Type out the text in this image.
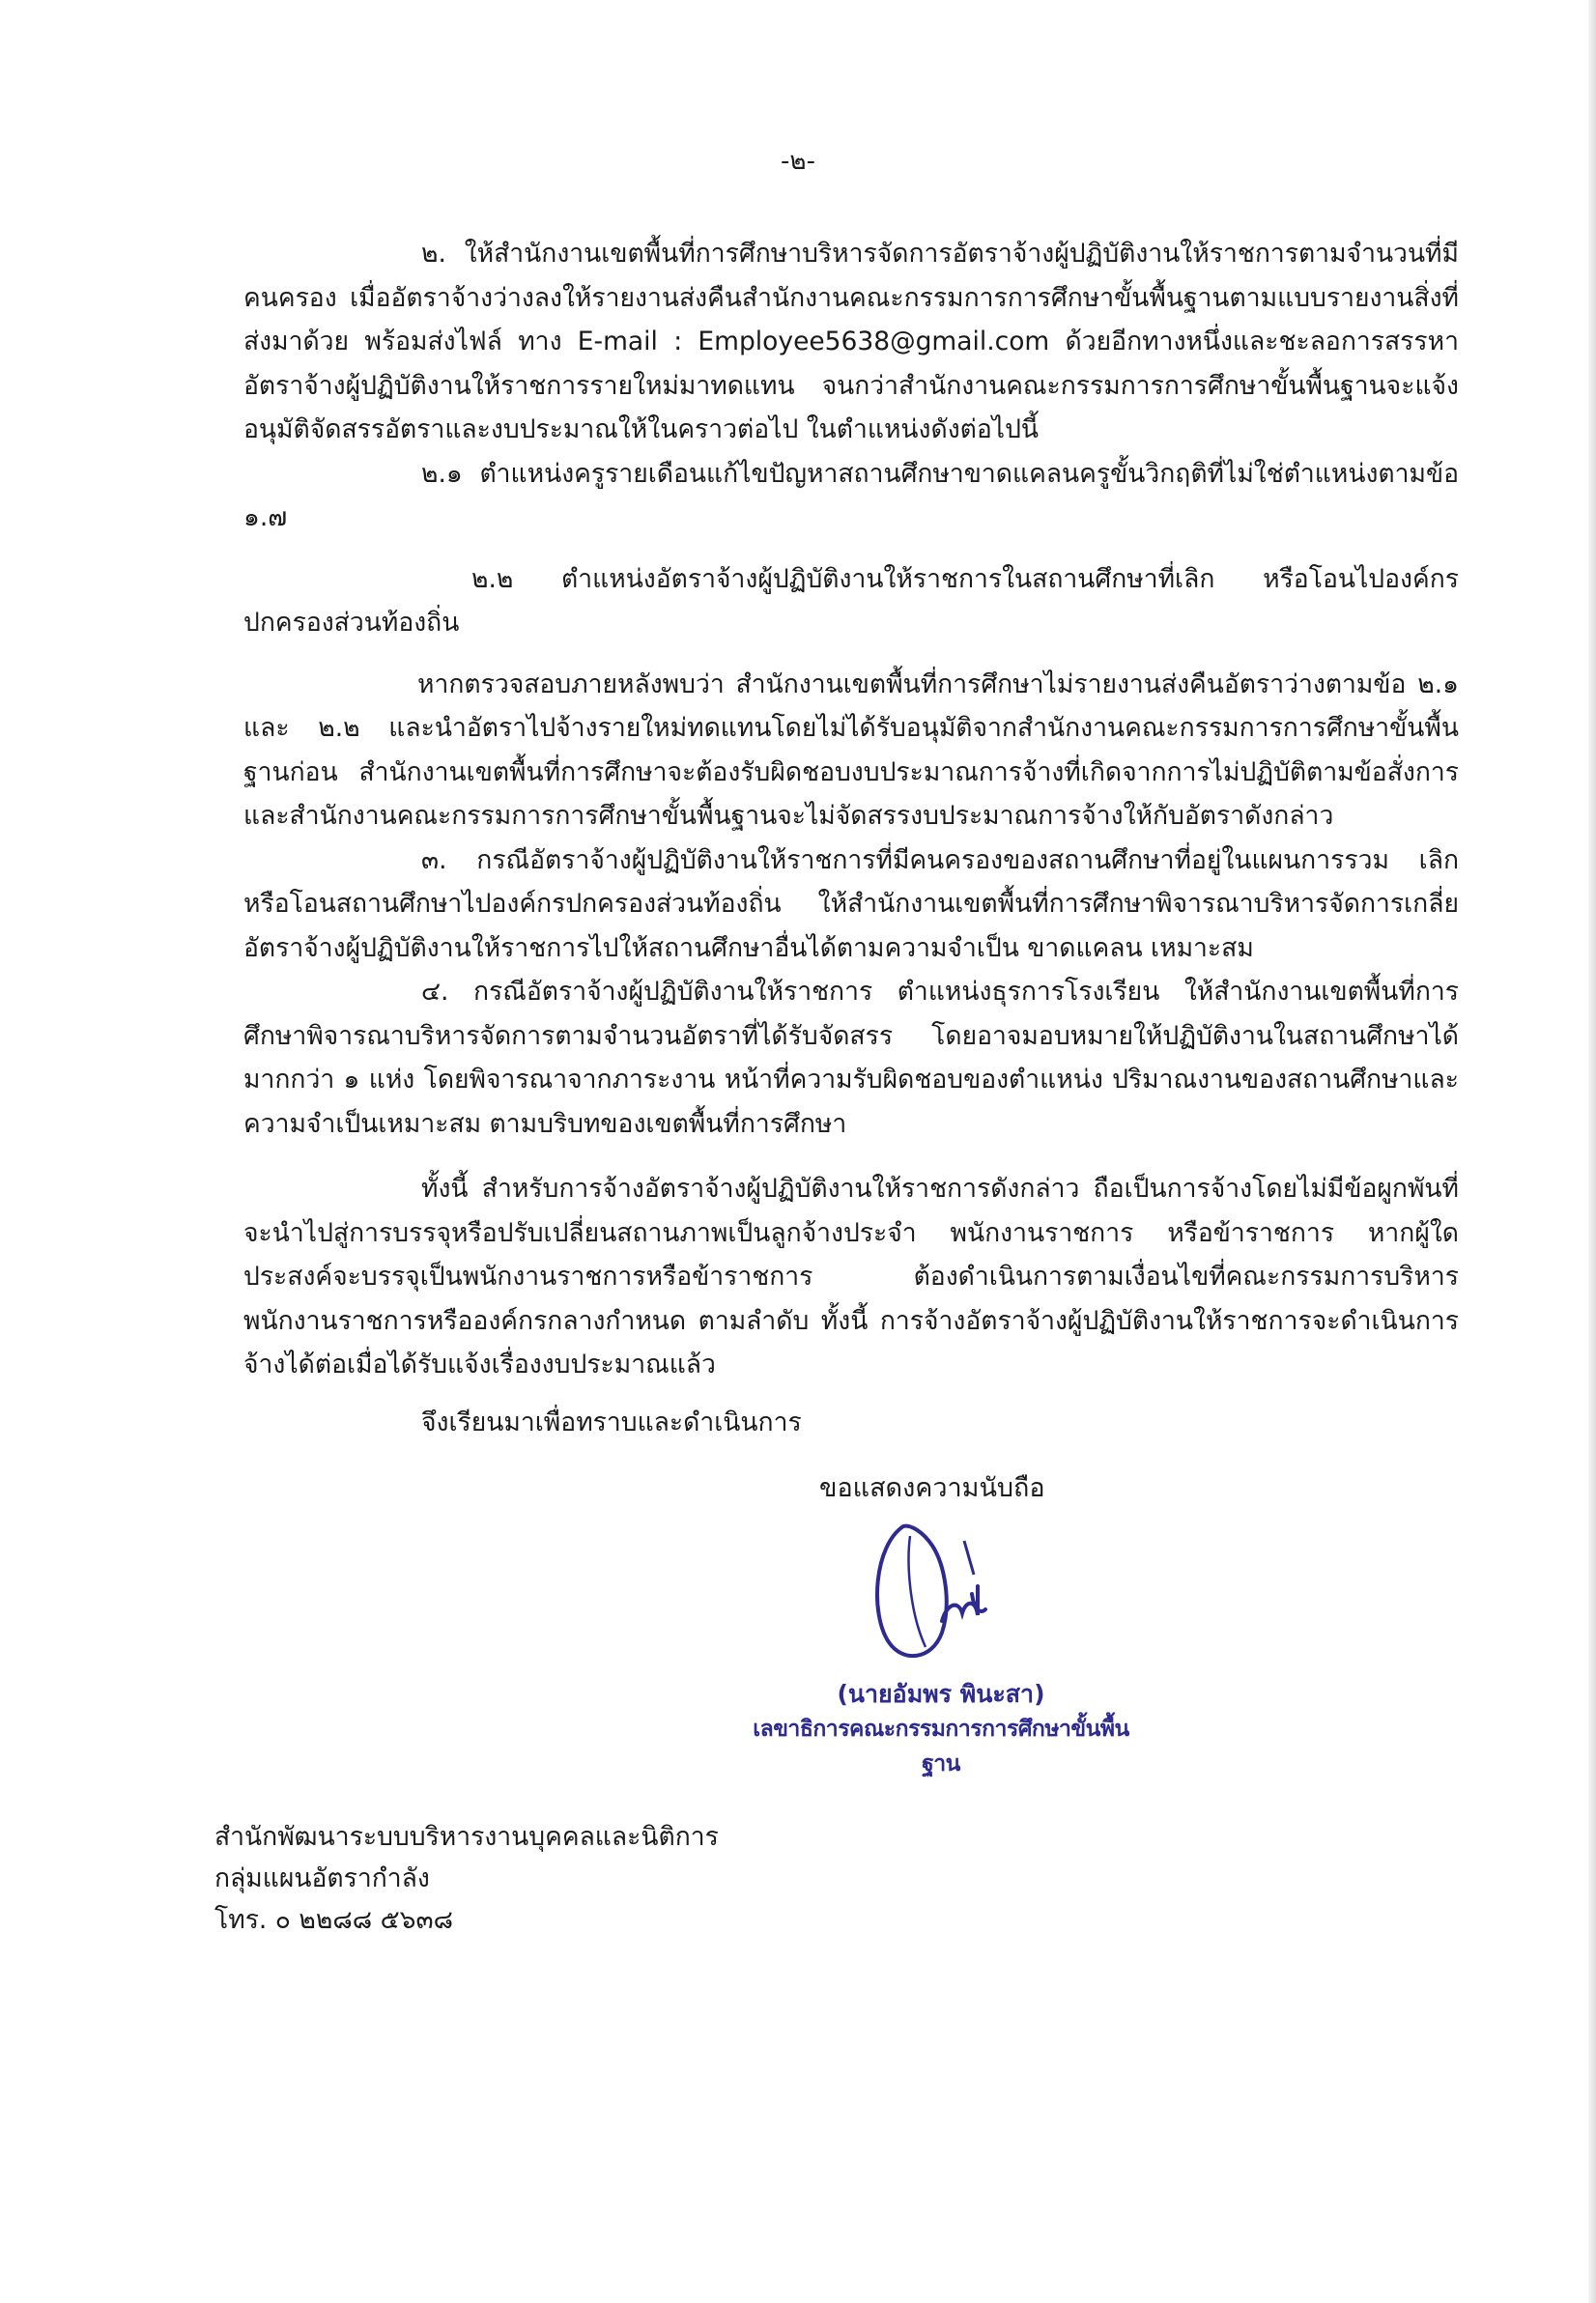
-๒-

๒. ให้สำนักงานเขตพื้นที่การศึกษาบริหารจัดการอัตราจ้างผู้ปฏิบัติงานให้ราชการตามจำนวนที่มีคนครอง เมื่ออัตราจ้างว่างลงให้รายงานส่งคืนสำนักงานคณะกรรมการการศึกษาขั้นพื้นฐานตามแบบรายงานสิ่งที่ส่งมาด้วย พร้อมส่งไฟล์ ทาง E-mail : Employee5638@gmail.com ด้วยอีกทางหนึ่งและชะลอการสรรหาอัตราจ้างผู้ปฏิบัติงานให้ราชการรายใหม่มาทดแทน จนกว่าสำนักงานคณะกรรมการการศึกษาขั้นพื้นฐานจะแจ้งอนุมัติจัดสรรอัตราและงบประมาณให้ในคราวต่อไป ในตำแหน่งดังต่อไปนี้

๒.๑ ตำแหน่งครูรายเดือนแก้ไขปัญหาสถานศึกษาขาดแคลนครูขั้นวิกฤติที่ไม่ใช่ตำแหน่งตามข้อ ๑.๗

๒.๒ ตำแหน่งอัตราจ้างผู้ปฏิบัติงานให้ราชการในสถานศึกษาที่เลิก หรือโอนไปองค์กรปกครองส่วนท้องถิ่น

หากตรวจสอบภายหลังพบว่า สำนักงานเขตพื้นที่การศึกษาไม่รายงานส่งคืนอัตราว่างตามข้อ ๒.๑ และ ๒.๒ และนำอัตราไปจ้างรายใหม่ทดแทนโดยไม่ได้รับอนุมัติจากสำนักงานคณะกรรมการการศึกษาขั้นพื้นฐานก่อน สำนักงานเขตพื้นที่การศึกษาจะต้องรับผิดชอบงบประมาณการจ้างที่เกิดจากการไม่ปฏิบัติตามข้อสั่งการ และสำนักงานคณะกรรมการการศึกษาขั้นพื้นฐานจะไม่จัดสรรงบประมาณการจ้างให้กับอัตราดังกล่าว

๓. กรณีอัตราจ้างผู้ปฏิบัติงานให้ราชการที่มีคนครองของสถานศึกษาที่อยู่ในแผนการรวม เลิก หรือโอนสถานศึกษาไปองค์กรปกครองส่วนท้องถิ่น ให้สำนักงานเขตพื้นที่การศึกษาพิจารณาบริหารจัดการเกลี่ยอัตราจ้างผู้ปฏิบัติงานให้ราชการไปให้สถานศึกษาอื่นได้ตามความจำเป็น ขาดแคลน เหมาะสม

๔. กรณีอัตราจ้างผู้ปฏิบัติงานให้ราชการ ตำแหน่งธุรการโรงเรียน ให้สำนักงานเขตพื้นที่การศึกษาพิจารณาบริหารจัดการตามจำนวนอัตราที่ได้รับจัดสรร โดยอาจมอบหมายให้ปฏิบัติงานในสถานศึกษาได้มากกว่า ๑ แห่ง โดยพิจารณาจากภาระงาน หน้าที่ความรับผิดชอบของตำแหน่ง ปริมาณงานของสถานศึกษาและความจำเป็นเหมาะสม ตามบริบทของเขตพื้นที่การศึกษา

ทั้งนี้ สำหรับการจ้างอัตราจ้างผู้ปฏิบัติงานให้ราชการดังกล่าว ถือเป็นการจ้างโดยไม่มีข้อผูกพันที่จะนำไปสู่การบรรจุหรือปรับเปลี่ยนสถานภาพเป็นลูกจ้างประจำ พนักงานราชการ หรือข้าราชการ หากผู้ใดประสงค์จะบรรจุเป็นพนักงานราชการหรือข้าราชการ ต้องดำเนินการตามเงื่อนไขที่คณะกรรมการบริหารพนักงานราชการหรือองค์กรกลางกำหนด ตามลำดับ ทั้งนี้ การจ้างอัตราจ้างผู้ปฏิบัติงานให้ราชการจะดำเนินการจ้างได้ต่อเมื่อได้รับแจ้งเรื่องงบประมาณแล้ว

จึงเรียนมาเพื่อทราบและดำเนินการ

ขอแสดงความนับถือ
(นายอัมพร พินะสา)
เลขาธิการคณะกรรมการการศึกษาขั้นพื้นฐาน
สำนักพัฒนาระบบบริหารงานบุคคลและนิติการ
กลุ่มแผนอัตรากำลัง
โทร. ๐ ๒๒๘๘ ๕๖๓๘
